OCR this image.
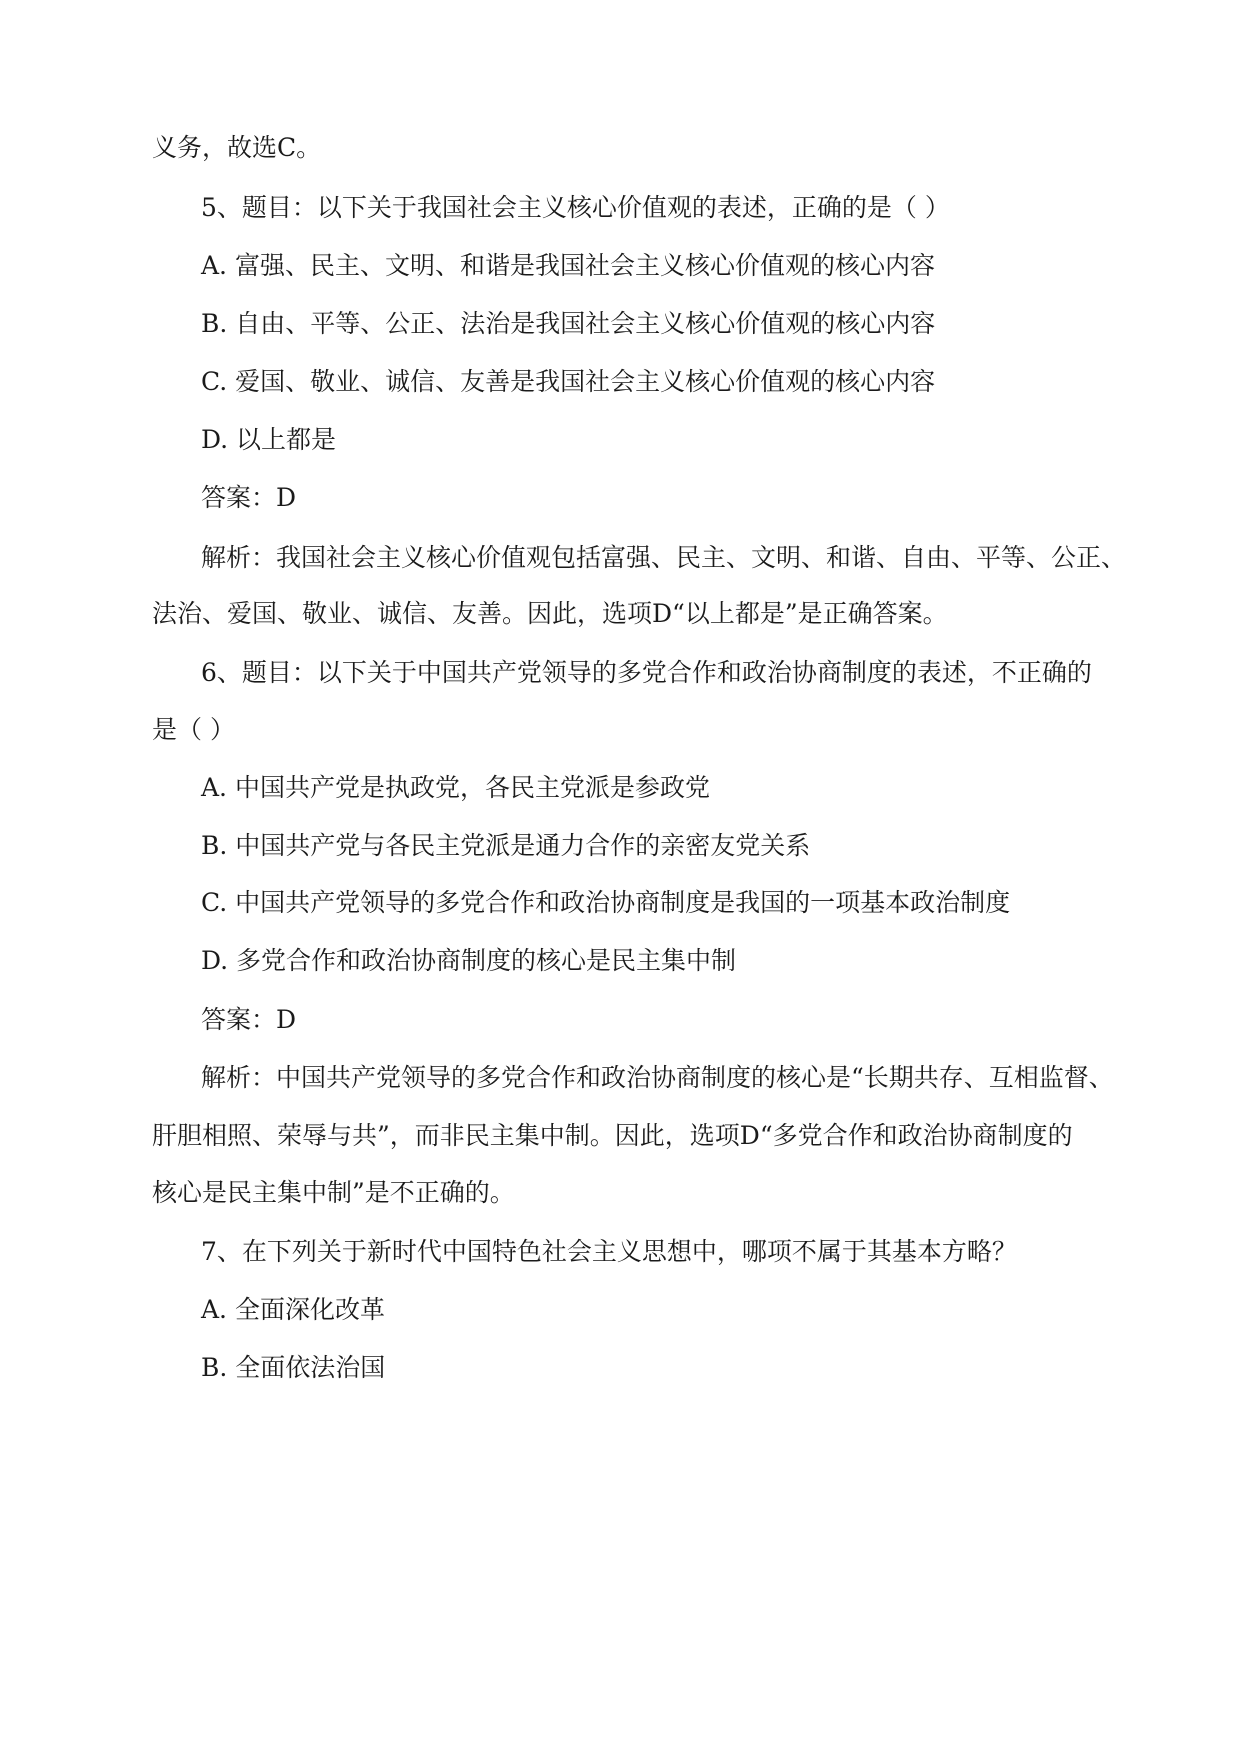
义务，故选C。
5、题目：以下关于我国社会主义核心价值观的表述，正确的是（ ）
A. 富强、民主、文明、和谐是我国社会主义核心价值观的核心内容
B. 自由、平等、公正、法治是我国社会主义核心价值观的核心内容
C. 爱国、敬业、诚信、友善是我国社会主义核心价值观的核心内容
D. 以上都是
答案：D
解析：我国社会主义核心价值观包括富强、民主、文明、和谐、自由、平等、公正、
法治、爱国、敬业、诚信、友善。因此，选项D“以上都是”是正确答案。
6、题目：以下关于中国共产党领导的多党合作和政治协商制度的表述，不正确的
是（ ）
A. 中国共产党是执政党，各民主党派是参政党
B. 中国共产党与各民主党派是通力合作的亲密友党关系
C. 中国共产党领导的多党合作和政治协商制度是我国的一项基本政治制度
D. 多党合作和政治协商制度的核心是民主集中制
答案：D
解析：中国共产党领导的多党合作和政治协商制度的核心是“长期共存、互相监督、
肝胆相照、荣辱与共”，而非民主集中制。因此，选项D“多党合作和政治协商制度的
核心是民主集中制”是不正确的。
7、在下列关于新时代中国特色社会主义思想中，哪项不属于其基本方略？
A. 全面深化改革
B. 全面依法治国
